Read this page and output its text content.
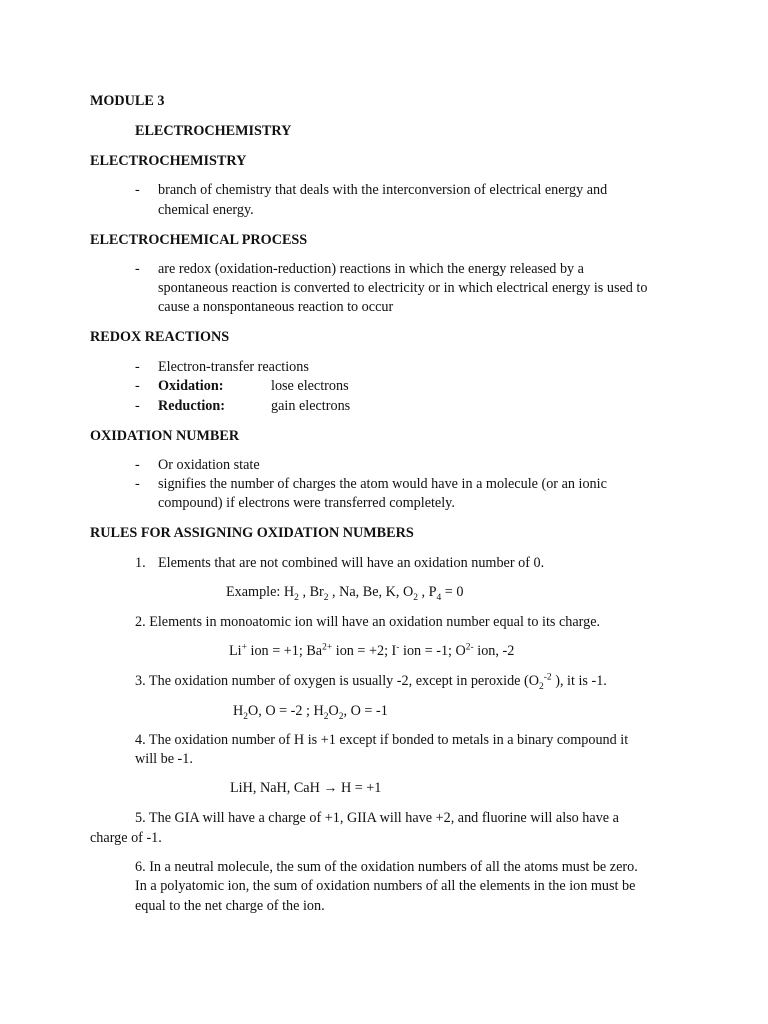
MODULE 3
ELECTROCHEMISTRY
ELECTROCHEMISTRY
- branch of chemistry that deals with the interconversion of electrical energy and
chemical energy.
ELECTROCHEMICAL PROCESS
- are redox (oxidation-reduction) reactions in which the energy released by a
spontaneous reaction is converted to electricity or in which electrical energy is used to
cause a nonspontaneous reaction to occur
REDOX REACTIONS
- Electron-transfer reactions
- Oxidation:	lose electrons
- Reduction:	gain electrons
OXIDATION NUMBER
- Or oxidation state
- signifies the number of charges the atom would have in a molecule (or an ionic
compound) if electrons were transferred completely.
RULES FOR ASSIGNING OXIDATION NUMBERS
1. Elements that are not combined will have an oxidation number of 0.
Example: $H_2$ , $Br_2$ , Na, Be, K, $O_2$ , $P_4 = 0$
2. Elements in monoatomic ion will have an oxidation number equal to its charge.
Li+ ion = +1; $Ba^{2+}$ ion = +2; I- ion = -1; $O^{2-}$ ion, -2
3. The oxidation number of oxygen is usually -2, except in peroxide ($O_2^{-2}$ ), it is -1.
$H_2O$, O = -2 ; $H_2O_2$, O = -1
4. The oxidation number of H is +1 except if bonded to metals in a binary compound it
will be -1.
LiH, NaH, CaH → H = +1
5. The GIA will have a charge of +1, GIIA will have +2, and fluorine will also have a
charge of -1.
6. In a neutral molecule, the sum of the oxidation numbers of all the atoms must be zero.
In a polyatomic ion, the sum of oxidation numbers of all the elements in the ion must be
equal to the net charge of the ion.
